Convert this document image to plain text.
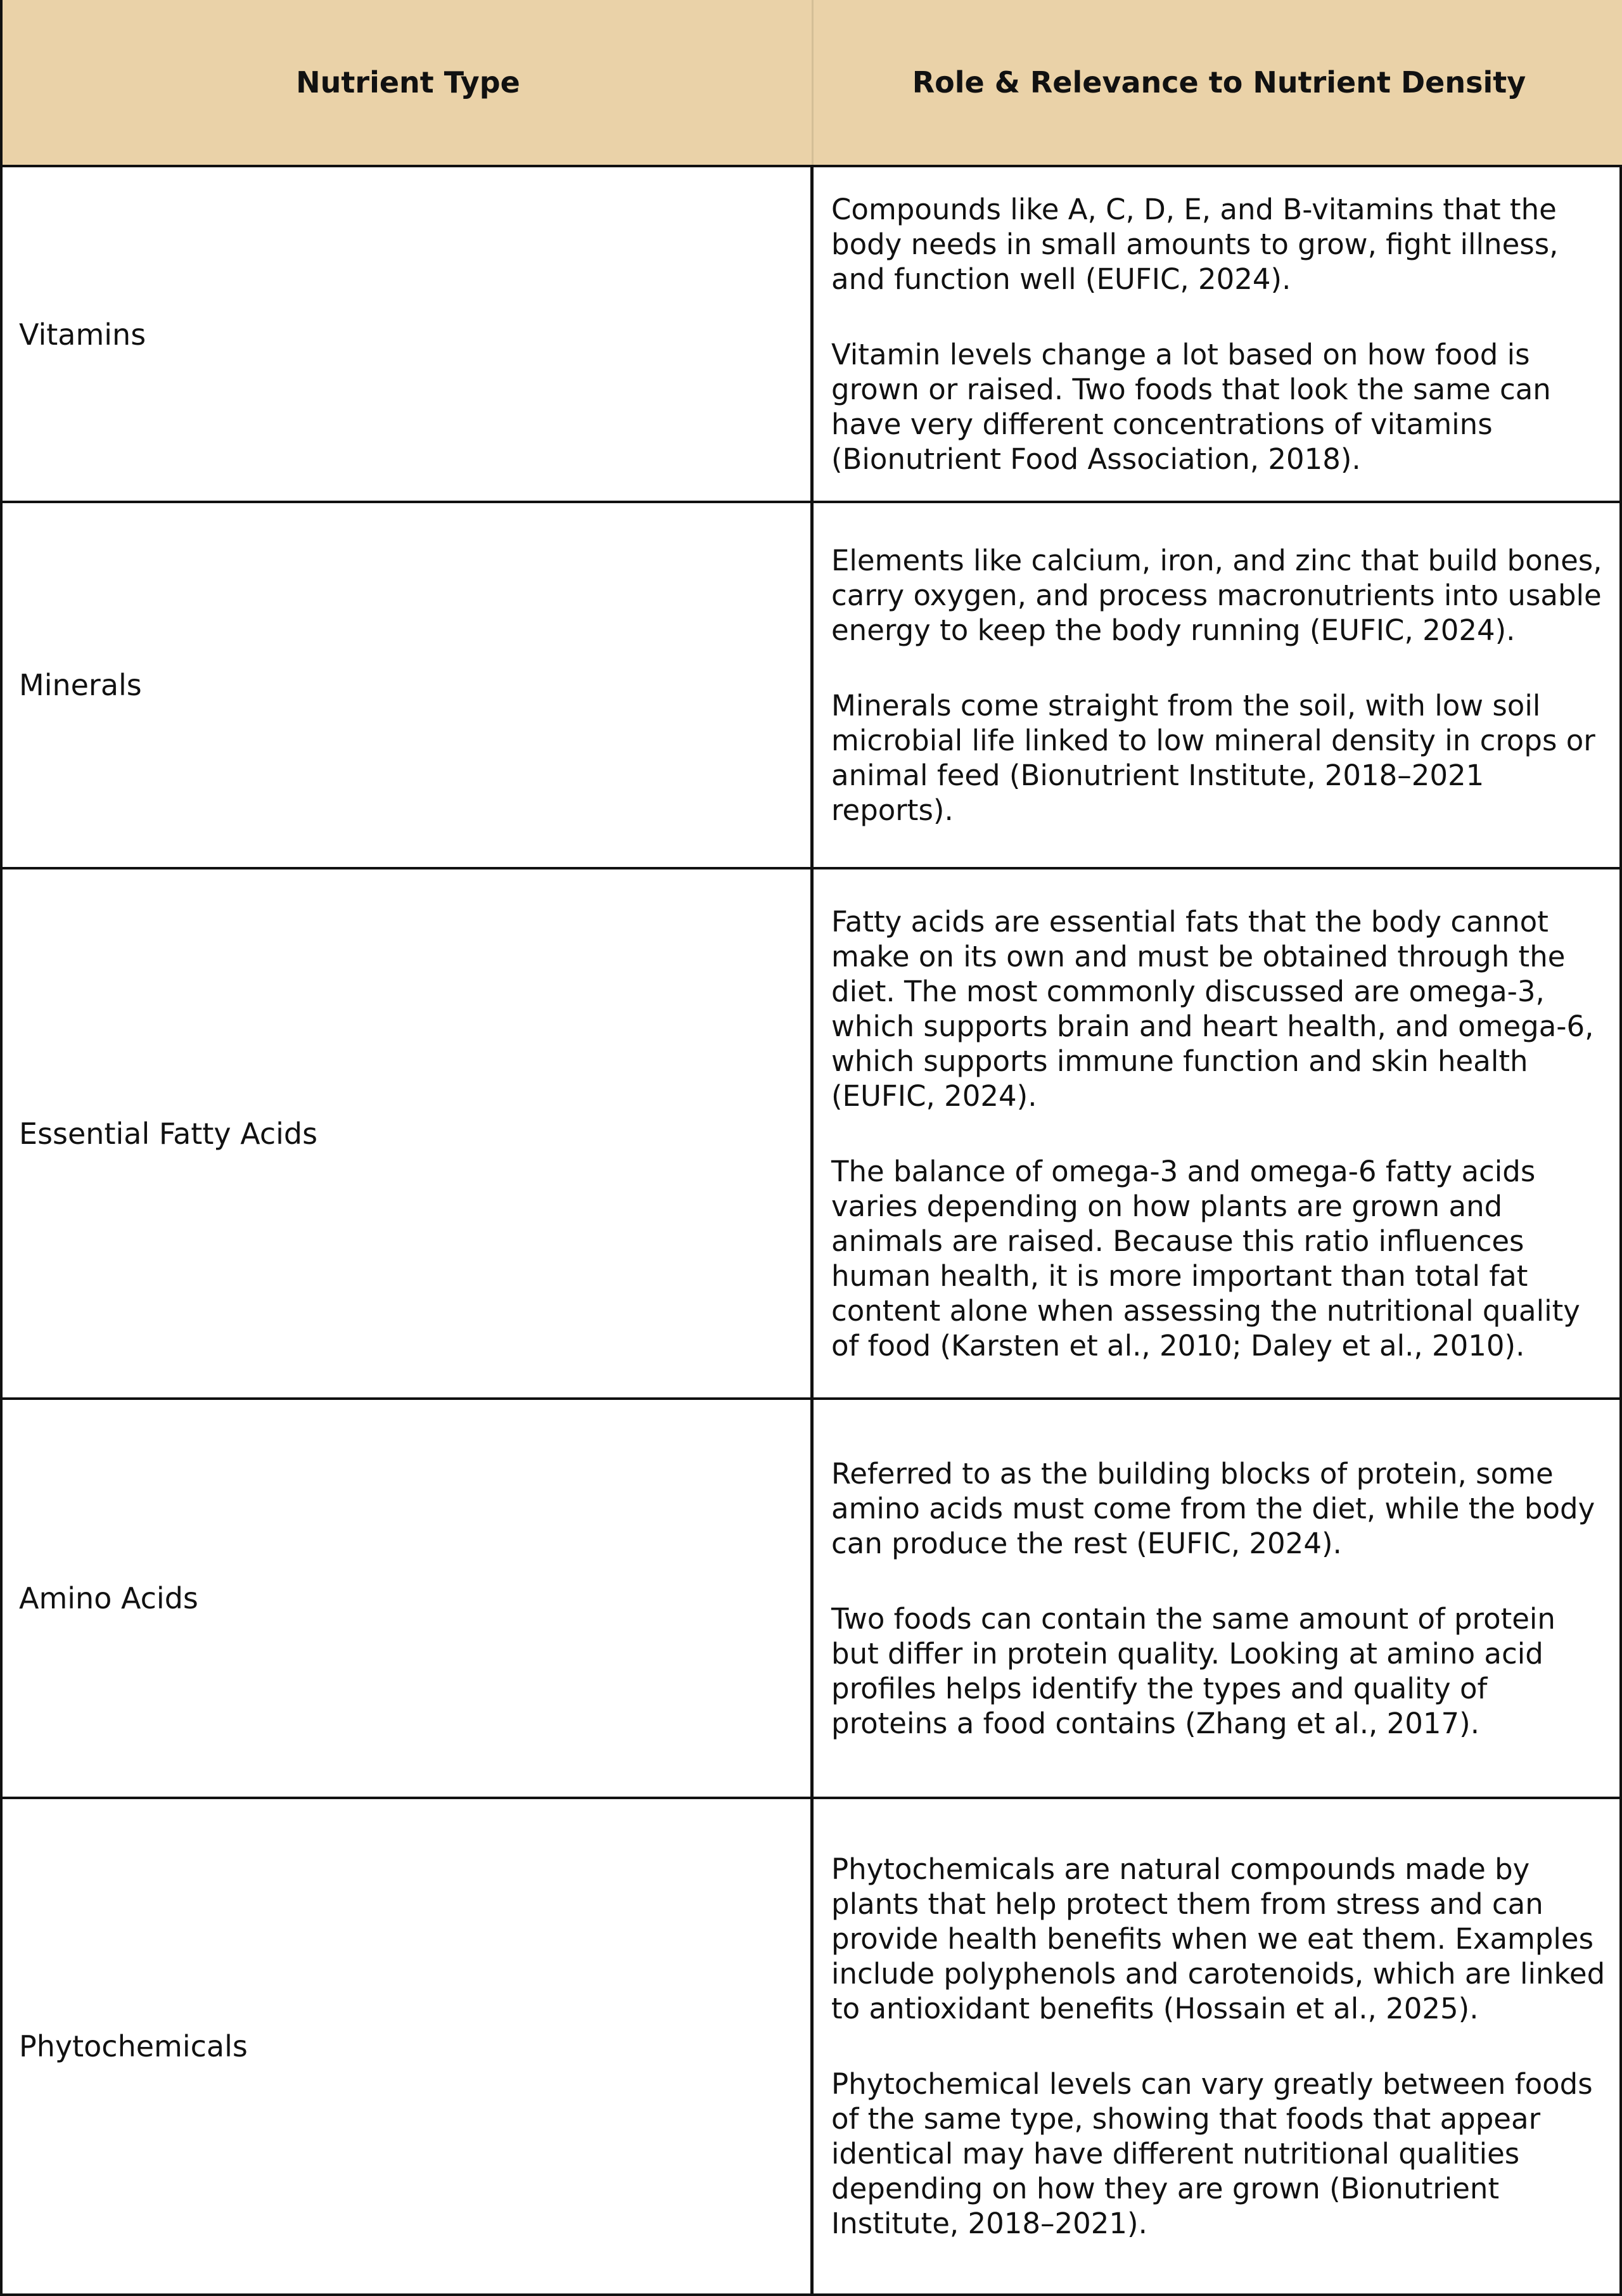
Nutrient Type	Role & Relevance to Nutrient Density
Vitamins

Compounds like A, C, D, E, and B-vitamins that the body needs in small amounts to grow, fight illness, and function well (EUFIC, 2024).

Vitamin levels change a lot based on how food is grown or raised. Two foods that look the same can have very different concentrations of vitamins (Bionutrient Food Association, 2018).

Minerals

Elements like calcium, iron, and zinc that build bones, carry oxygen, and process macronutrients into usable energy to keep the body running (EUFIC, 2024).

Minerals come straight from the soil, with low soil microbial life linked to low mineral density in crops or animal feed (Bionutrient Institute, 2018–2021 reports).

Essential Fatty Acids

Fatty acids are essential fats that the body cannot make on its own and must be obtained through the diet. The most commonly discussed are omega-3, which supports brain and heart health, and omega-6, which supports immune function and skin health (EUFIC, 2024).

The balance of omega-3 and omega-6 fatty acids varies depending on how plants are grown and animals are raised. Because this ratio influences human health, it is more important than total fat content alone when assessing the nutritional quality of food (Karsten et al., 2010; Daley et al., 2010).

Amino Acids

Referred to as the building blocks of protein, some amino acids must come from the diet, while the body can produce the rest (EUFIC, 2024).

Two foods can contain the same amount of protein but differ in protein quality. Looking at amino acid profiles helps identify the types and quality of proteins a food contains (Zhang et al., 2017).

Phytochemicals

Phytochemicals are natural compounds made by plants that help protect them from stress and can provide health benefits when we eat them. Examples include polyphenols and carotenoids, which are linked to antioxidant benefits (Hossain et al., 2025).

Phytochemical levels can vary greatly between foods of the same type, showing that foods that appear identical may have different nutritional qualities depending on how they are grown (Bionutrient Institute, 2018–2021).
